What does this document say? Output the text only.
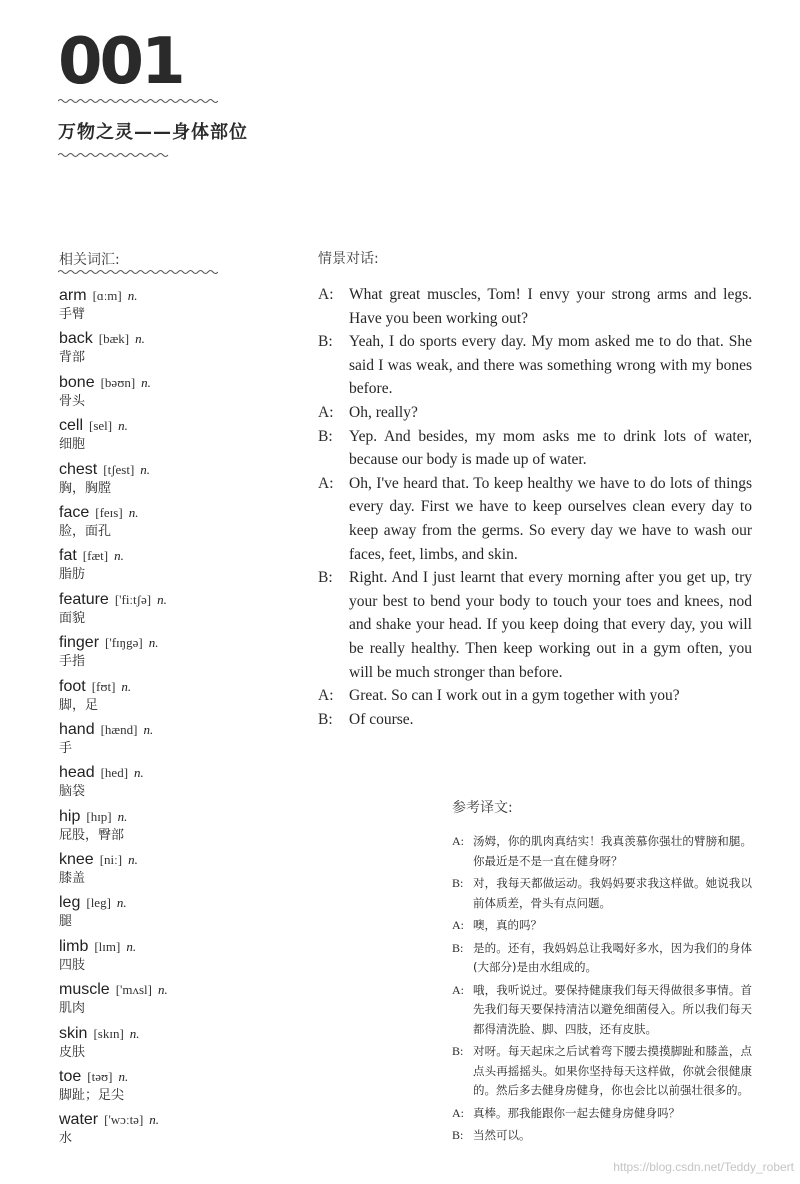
001
万物之灵——身体部位
相关词汇:
arm [ɑːm] n.
手臂
back [bæk] n.
背部
bone [bəʊn] n.
骨头
cell [sel] n.
细胞
chest [tʃest] n.
胸，胸膛
face [feɪs] n.
脸，面孔
fat [fæt] n.
脂肪
feature ['fiːtʃə] n.
面貌
finger ['fɪŋgə] n.
手指
foot [fʊt] n.
脚，足
hand [hænd] n.
手
head [hed] n.
脑袋
hip [hɪp] n.
屁股，臀部
knee [niː] n.
膝盖
leg [leg] n.
腿
limb [lɪm] n.
四肢
muscle ['mʌsl] n.
肌肉
skin [skɪn] n.
皮肤
toe [təʊ] n.
脚趾；足尖
water ['wɔːtə] n.
水
情景对话:
A:	What great muscles, Tom! I envy your strong arms and legs. Have you been working out?
B:	Yeah, I do sports every day. My mom asked me to do that. She said I was weak, and there was something wrong with my bones before.
A:	Oh, really?
B:	Yep. And besides, my mom asks me to drink lots of water, because our body is made up of water.
A:	Oh, I've heard that. To keep healthy we have to do lots of things every day. First we have to keep ourselves clean every day to keep away from the germs. So every day we have to wash our faces, feet, limbs, and skin.
B:	Right. And I just learnt that every morning after you get up, try your best to bend your body to touch your toes and knees, nod and shake your head. If you keep doing that every day, you will be really healthy. Then keep working out in a gym often, you will be much stronger than before.
A:	Great. So can I work out in a gym together with you?
B:	Of course.
参考译文:
A: 汤姆，你的肌肉真结实！我真羡慕你强壮的臂膀和腿。你最近是不是一直在健身呀？
B: 对，我每天都做运动。我妈妈要求我这样做。她说我以前体质差，骨头有点问题。
A: 噢，真的吗？
B: 是的。还有，我妈妈总让我喝好多水，因为我们的身体(大部分)是由水组成的。
A: 哦，我听说过。要保持健康我们每天得做很多事情。首先我们每天要保持清洁以避免细菌侵入。所以我们每天都得清洗脸、脚、四肢，还有皮肤。
B: 对呀。每天起床之后试着弯下腰去摸摸脚趾和膝盖，点点头再摇摇头。如果你坚持每天这样做，你就会很健康的。然后多去健身房健身，你也会比以前强壮很多的。
A: 真棒。那我能跟你一起去健身房健身吗？
B: 当然可以。
https://blog.csdn.net/Teddy_robert
